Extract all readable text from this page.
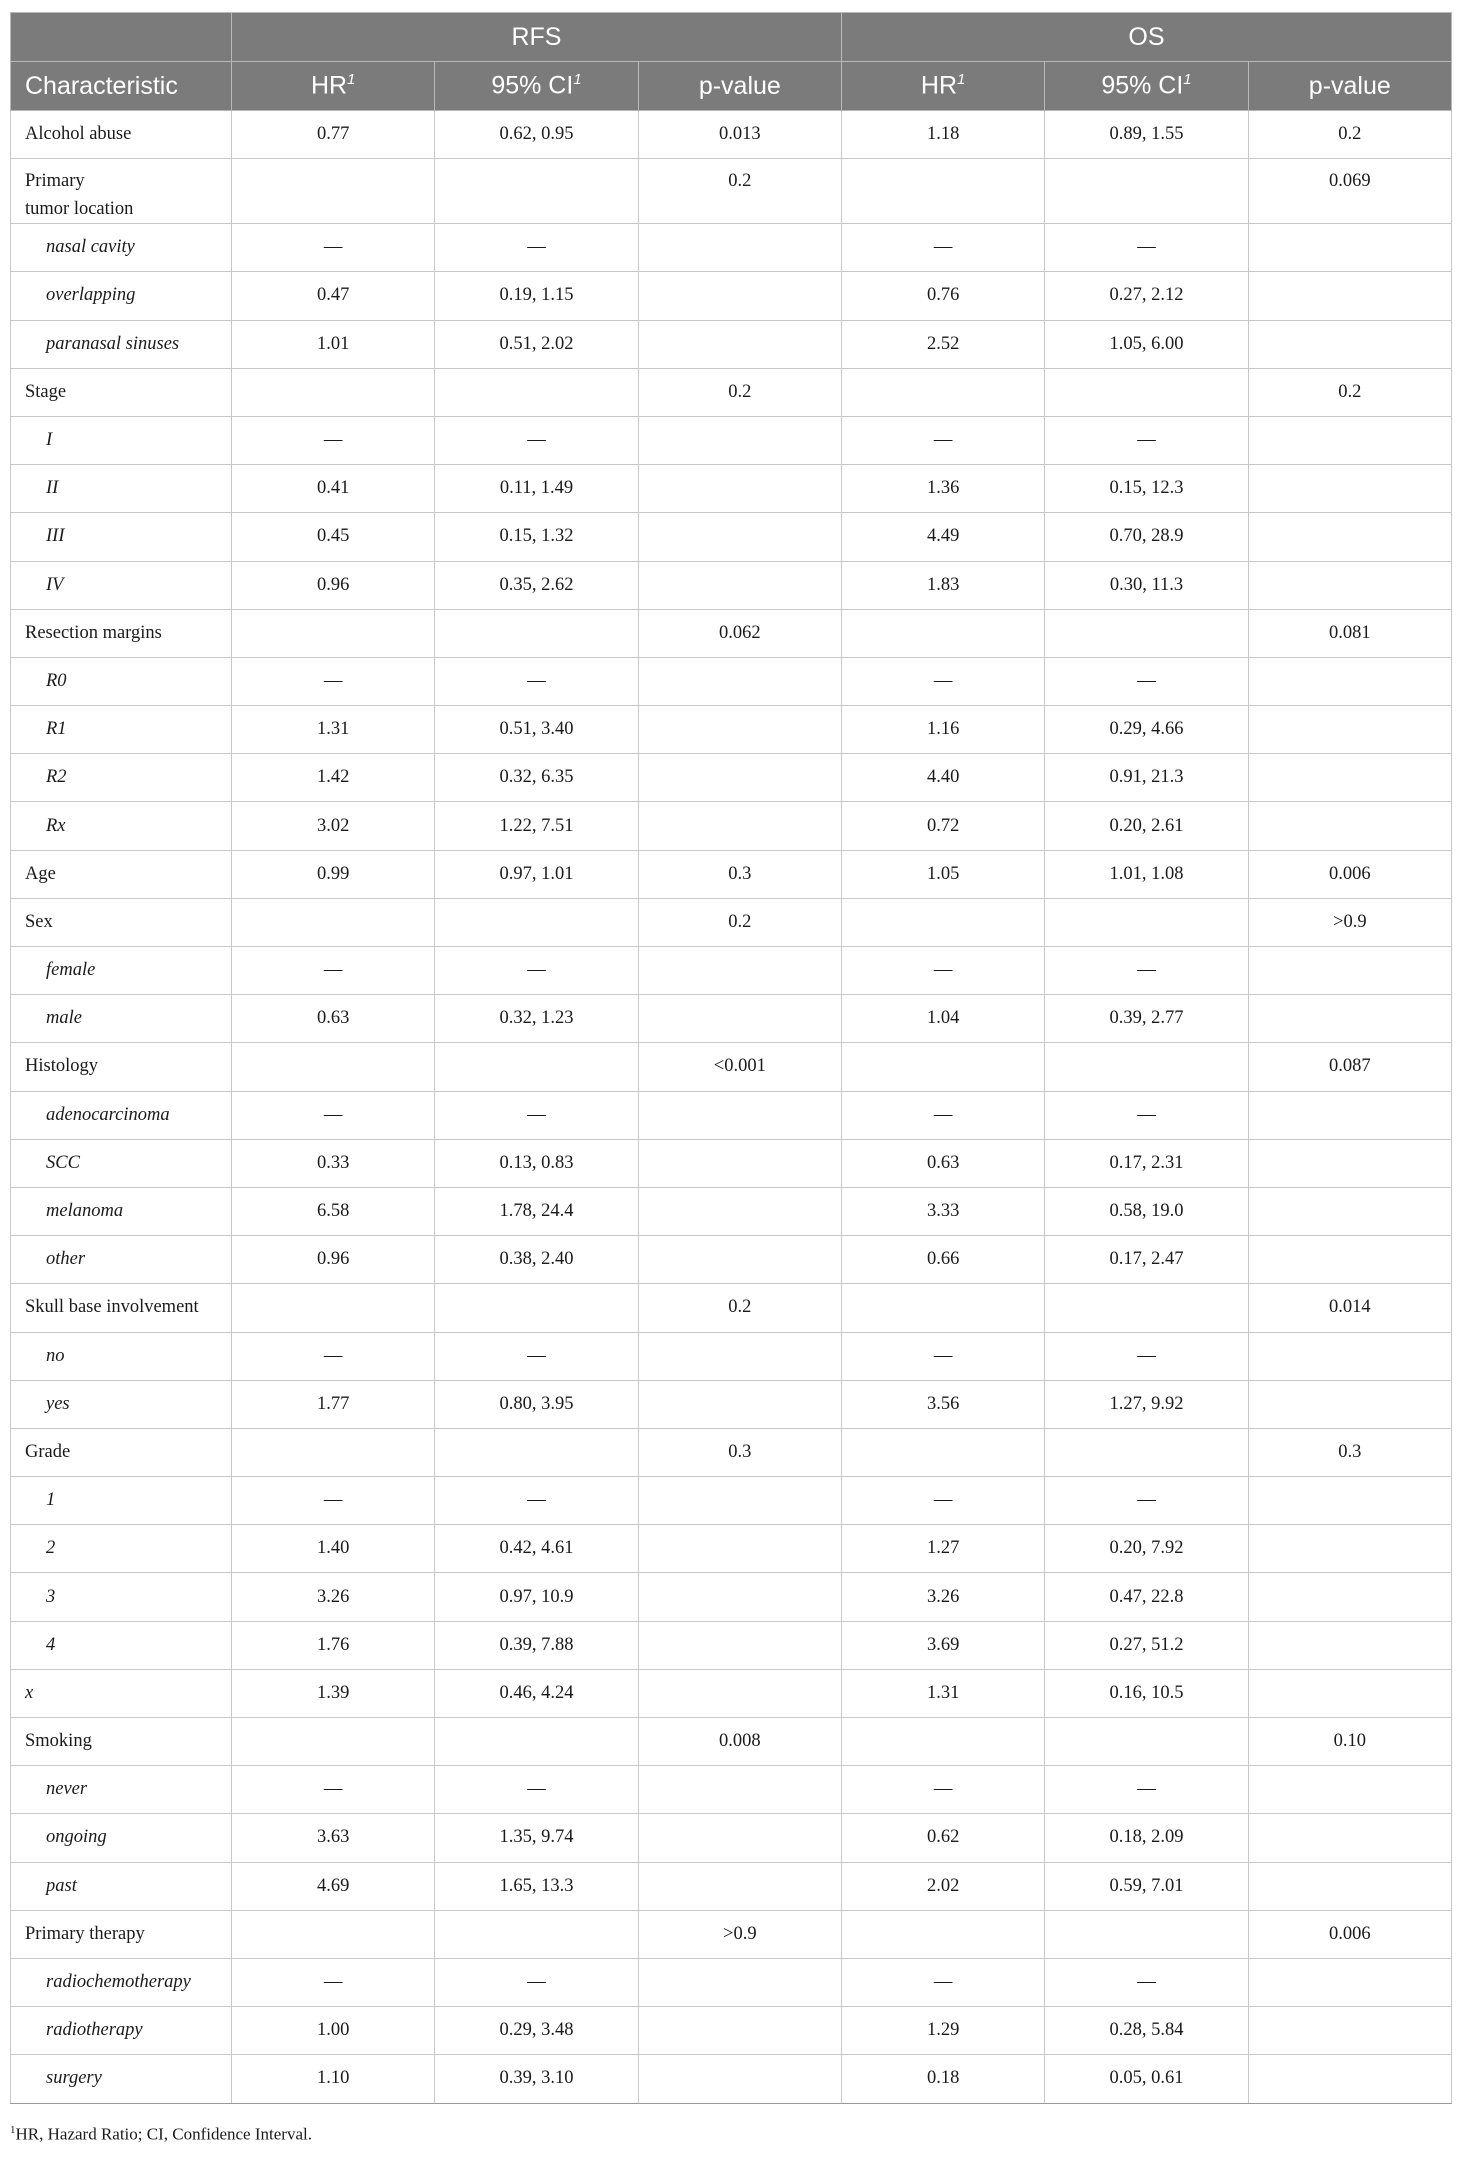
	RFS			OS		
Characteristic	$HR^1$	95% $CI^1$	p-value	$HR^1$	95% $CI^1$	p-value
Alcohol abuse	0.77	0.62, 0.95	0.013	1.18	0.89, 1.55	0.2
Primary
tumor location			0.2			0.069
nasal cavity	—	—		—	—	
overlapping	0.47	0.19, 1.15		0.76	0.27, 2.12	
paranasal sinuses	1.01	0.51, 2.02		2.52	1.05, 6.00	
Stage			0.2			0.2
I	—	—		—	—	
II	0.41	0.11, 1.49		1.36	0.15, 12.3	
III	0.45	0.15, 1.32		4.49	0.70, 28.9	
IV	0.96	0.35, 2.62		1.83	0.30, 11.3	
Resection margins			0.062			0.081
R0	—	—		—	—	
R1	1.31	0.51, 3.40		1.16	0.29, 4.66	
R2	1.42	0.32, 6.35		4.40	0.91, 21.3	
Rx	3.02	1.22, 7.51		0.72	0.20, 2.61	
Age	0.99	0.97, 1.01	0.3	1.05	1.01, 1.08	0.006
Sex			0.2			>0.9
female	—	—		—	—	
male	0.63	0.32, 1.23		1.04	0.39, 2.77	
Histology			<0.001			0.087
adenocarcinoma	—	—		—	—	
SCC	0.33	0.13, 0.83		0.63	0.17, 2.31	
melanoma	6.58	1.78, 24.4		3.33	0.58, 19.0	
other	0.96	0.38, 2.40		0.66	0.17, 2.47	
Skull base involvement			0.2			0.014
no	—	—		—	—	
yes	1.77	0.80, 3.95		3.56	1.27, 9.92	
Grade			0.3			0.3
1	—	—		—	—	
2	1.40	0.42, 4.61		1.27	0.20, 7.92	
3	3.26	0.97, 10.9		3.26	0.47, 22.8	
4	1.76	0.39, 7.88		3.69	0.27, 51.2	
x	1.39	0.46, 4.24		1.31	0.16, 10.5	
Smoking			0.008			0.10
never	—	—		—	—	
ongoing	3.63	1.35, 9.74		0.62	0.18, 2.09	
past	4.69	1.65, 13.3		2.02	0.59, 7.01	
Primary therapy			>0.9			0.006
radiochemotherapy	—	—		—	—	
radiotherapy	1.00	0.29, 3.48		1.29	0.28, 5.84	
surgery	1.10	0.39, 3.10		0.18	0.05, 0.61	
$^1$HR, Hazard Ratio; CI, Confidence Interval.
